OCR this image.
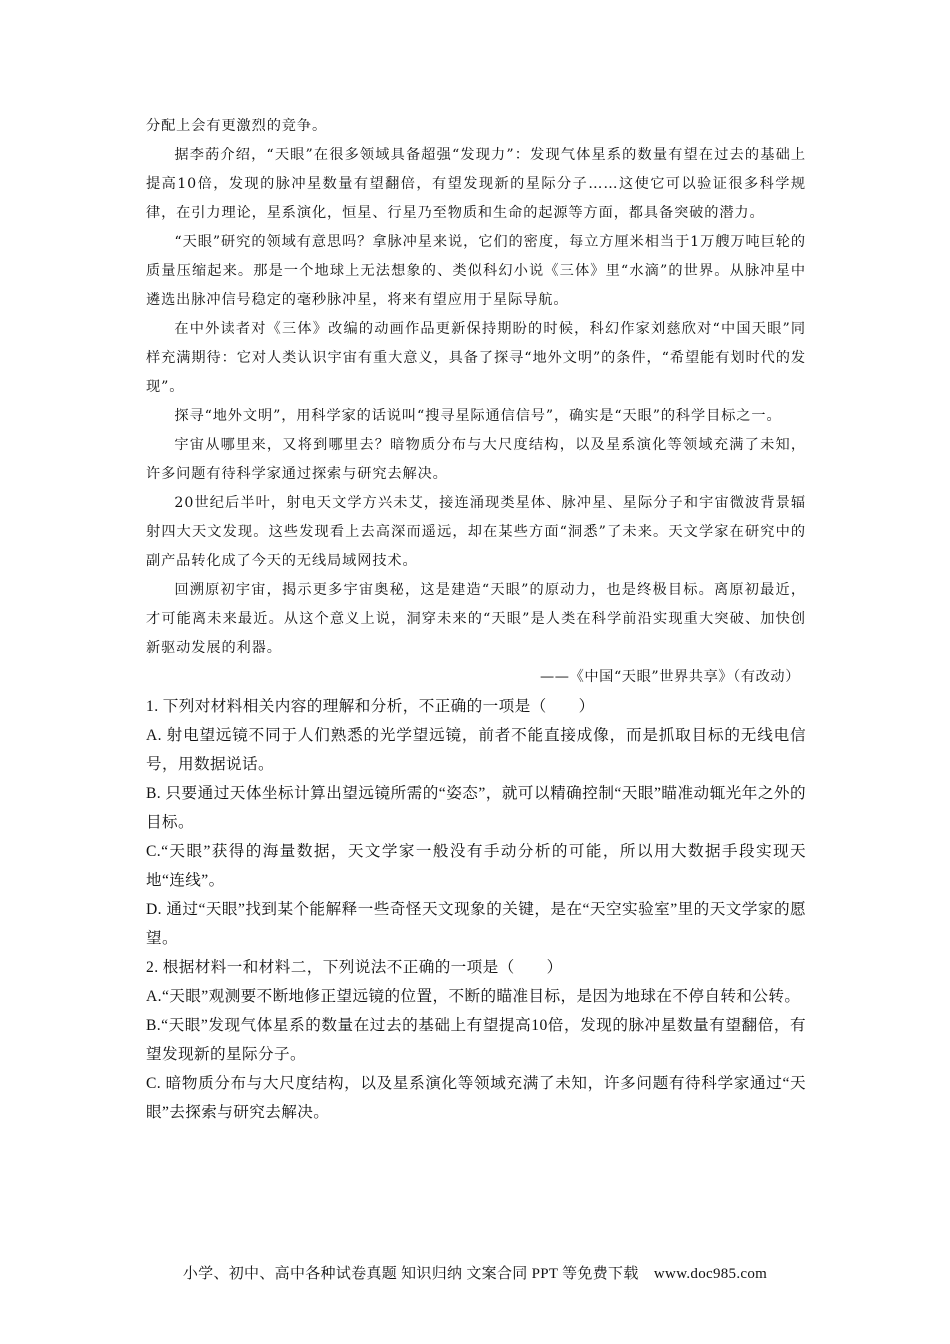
分配上会有更激烈的竞争。

据李菂介绍，“天眼”在很多领域具备超强“发现力”：发现气体星系的数量有望在过去的基础上提高10倍，发现的脉冲星数量有望翻倍，有望发现新的星际分子……这使它可以验证很多科学规律，在引力理论，星系演化，恒星、行星乃至物质和生命的起源等方面，都具备突破的潜力。

“天眼”研究的领域有意思吗？拿脉冲星来说，它们的密度，每立方厘米相当于1万艘万吨巨轮的质量压缩起来。那是一个地球上无法想象的、类似科幻小说《三体》里“水滴”的世界。从脉冲星中遴选出脉冲信号稳定的毫秒脉冲星，将来有望应用于星际导航。

在中外读者对《三体》改编的动画作品更新保持期盼的时候，科幻作家刘慈欣对“中国天眼”同样充满期待：它对人类认识宇宙有重大意义，具备了探寻“地外文明”的条件，“希望能有划时代的发现”。

探寻“地外文明”，用科学家的话说叫“搜寻星际通信信号”，确实是“天眼”的科学目标之一。

宇宙从哪里来，又将到哪里去？暗物质分布与大尺度结构，以及星系演化等领域充满了未知，许多问题有待科学家通过探索与研究去解决。

20世纪后半叶，射电天文学方兴未艾，接连涌现类星体、脉冲星、星际分子和宇宙微波背景辐射四大天文发现。这些发现看上去高深而遥远，却在某些方面“洞悉”了未来。天文学家在研究中的副产品转化成了今天的无线局域网技术。

回溯原初宇宙，揭示更多宇宙奥秘，这是建造“天眼”的原动力，也是终极目标。离原初最近，才可能离未来最近。从这个意义上说，洞穿未来的“天眼”是人类在科学前沿实现重大突破、加快创新驱动发展的利器。

——《中国“天眼”世界共享》（有改动）

1. 下列对材料相关内容的理解和分析，不正确的一项是（　　）

A. 射电望远镜不同于人们熟悉的光学望远镜，前者不能直接成像，而是抓取目标的无线电信号，用数据说话。

B. 只要通过天体坐标计算出望远镜所需的“姿态”，就可以精确控制“天眼”瞄准动辄光年之外的目标。

C.“天眼”获得的海量数据，天文学家一般没有手动分析的可能，所以用大数据手段实现天地“连线”。

D. 通过“天眼”找到某个能解释一些奇怪天文现象的关键，是在“天空实验室”里的天文学家的愿望。

2. 根据材料一和材料二，下列说法不正确的一项是（　　）

A.“天眼”观测要不断地修正望远镜的位置，不断的瞄准目标，是因为地球在不停自转和公转。

B.“天眼”发现气体星系的数量在过去的基础上有望提高10倍，发现的脉冲星数量有望翻倍，有望发现新的星际分子。

C. 暗物质分布与大尺度结构，以及星系演化等领域充满了未知，许多问题有待科学家通过“天眼”去探索与研究去解决。

小学、初中、高中各种试卷真题 知识归纳 文案合同 PPT 等免费下载　www.doc985.com
